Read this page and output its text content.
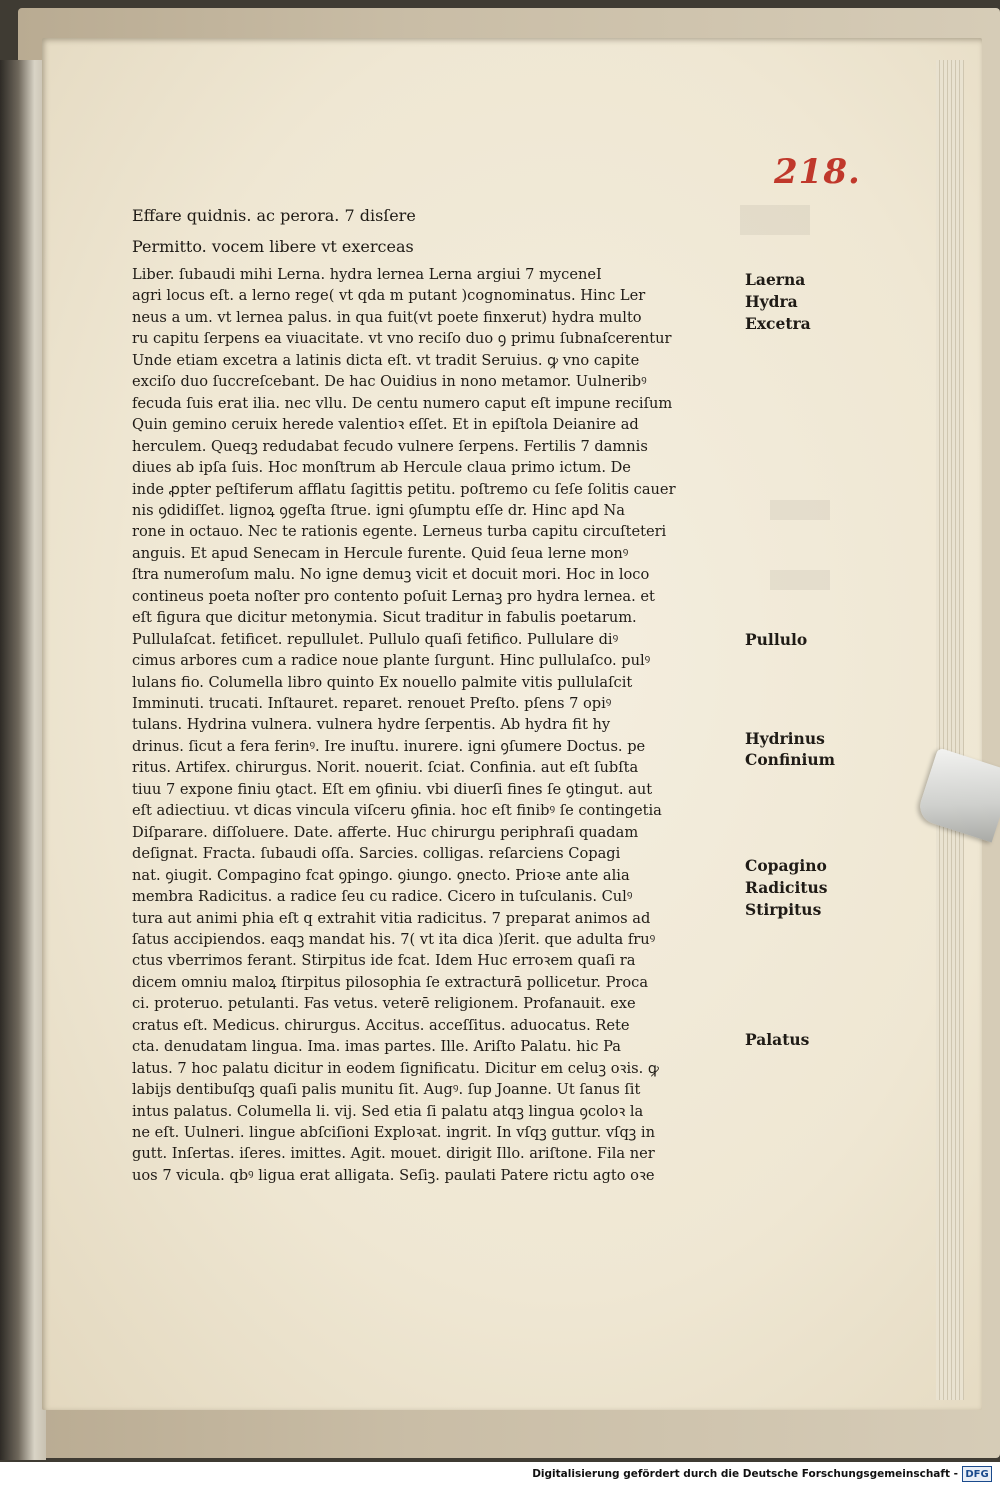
218.
Effare quidnis. ac perora. 7 disſere
Permitto. vocem libere vt exerceas
Liber. ſubaudi mihi Lerna. hydra lernea Lerna argiui 7 myceneI
agri locus eſt. a lerno rege( vt qda m putant )cognominatus. Hinc Ler
neus a um. vt lernea palus. in qua fuit(vt poete finxerut) hydra multo
ru capitu ſerpens ea viuacitate. vt vno reciſo duo ꝯ primu ſubnaſcerentur
Unde etiam excetra a latinis dicta eſt. vt tradit Seruius. ꝙ vno capite
exciſo duo ſuccreſcebant. De hac Ouidius in nono metamor. Uulneribꝰ
fecuda ſuis erat ilia. nec vllu. De centu numero caput eſt impune reciſum
Quin gemino ceruix herede valentioꝛ eſſet. Et in epiſtola Deianire ad
herculem. Queqꝫ redudabat fecudo vulnere ſerpens. Fertilis 7 damnis
diues ab ipſa ſuis. Hoc monſtrum ab Hercule claua primo ictum. De
inde ꝓpter peſtiferum afflatu ſagittis petitu. poſtremo cu ſeſe ſolitis cauer
nis ꝯdidiſſet. lignoꝝ ꝯgeſta ſtrue. igni ꝯſumptu eſſe dr. Hinc apd Na
rone in octauo. Nec te rationis egente. Lerneus turba capitu circuſteteri
anguis. Et apud Senecam in Hercule furente. Quid ſeua lerne monꝰ
ſtra numeroſum malu. No igne demuꝫ vicit et docuit mori. Hoc in loco
contineus poeta noſter pro contento poſuit Lernaꝫ pro hydra lernea. et
eſt figura que dicitur metonymia. Sicut traditur in fabulis poetarum.
Pullulaſcat. fetificet. repullulet. Pullulo quaſi fetifico. Pullulare diꝰ
cimus arbores cum a radice noue plante ſurgunt. Hinc pullulaſco. pulꝰ
lulans fio. Columella libro quinto Ex nouello palmite vitis pullulaſcit
Imminuti. trucati. Inſtauret. reparet. renouet Preſto. pſens 7 opiꝰ
tulans. Hydrina vulnera. vulnera hydre ſerpentis. Ab hydra fit hy
drinus. ſicut a fera ferinꝰ. Ire inuſtu. inurere. igni ꝯſumere Doctus. pe
ritus. Artifex. chirurgus. Norit. nouerit. ſciat. Confinia. aut eſt ſubſta
tiuu 7 expone finiu ꝯtact. Eſt em ꝯfiniu. vbi diuerſi fines ſe ꝯtingut. aut
eſt adiectiuu. vt dicas vincula viſceru ꝯfinia. hoc eſt finibꝰ ſe contingetia
Diſparare. diſſoluere. Date. afferte. Huc chirurgu periphraſi quadam
deſignat. Fracta. ſubaudi oſſa. Sarcies. colligas. reſarciens Copagi
nat. ꝯiugit. Compagino fcat ꝯpingo. ꝯiungo. ꝯnecto. Prioꝛe ante alia
membra Radicitus. a radice ſeu cu radice. Cicero in tuſculanis. Culꝰ
tura aut animi phia eſt q extrahit vitia radicitus. 7 preparat animos ad
ſatus accipiendos. eaqꝫ mandat his. 7( vt ita dica )ſerit. que adulta fruꝰ
ctus vberrimos ferant. Stirpitus ide fcat. Idem Huc erroꝛem quaſi ra
dicem omniu maloꝝ ſtirpitus pilosophia ſe extracturā pollicetur. Proca
ci. proteruo. petulanti. Fas vetus. veterē religionem. Profanauit. exe
cratus eſt. Medicus. chirurgus. Accitus. acceſſitus. aduocatus. Rete
cta. denudatam lingua. Ima. imas partes. Ille. Ariſto Palatu. hic Pa
latus. 7 hoc palatu dicitur in eodem ſignificatu. Dicitur em celuꝫ oꝛis. ꝙ
labijs dentibuſqꝫ quaſi palis munitu ſit. Augꝰ. ſup Joanne. Ut ſanus ſit
intus palatus. Columella li. vij. Sed etia ſi palatu atqꝫ lingua ꝯcoloꝛ la
ne eſt. Uulneri. lingue abſciſioni Exploꝛat. ingrit. In vſqꝫ guttur. vſqꝫ in
gutt. Inſertas. iſeres. imittes. Agit. mouet. dirigit Illo. ariſtone. Fila ner
uos 7 vicula. qbꝰ ligua erat alligata. Seſiꝫ. paulati Patere rictu agto oꝛe
Laerna
Hydra
Excetra
Pullulo
Hydrinus
Confinium
Copagino
Radicitus
Stirpitus
Palatus
Digitalisierung gefördert durch die Deutsche Forschungsgemeinschaft - DFG
